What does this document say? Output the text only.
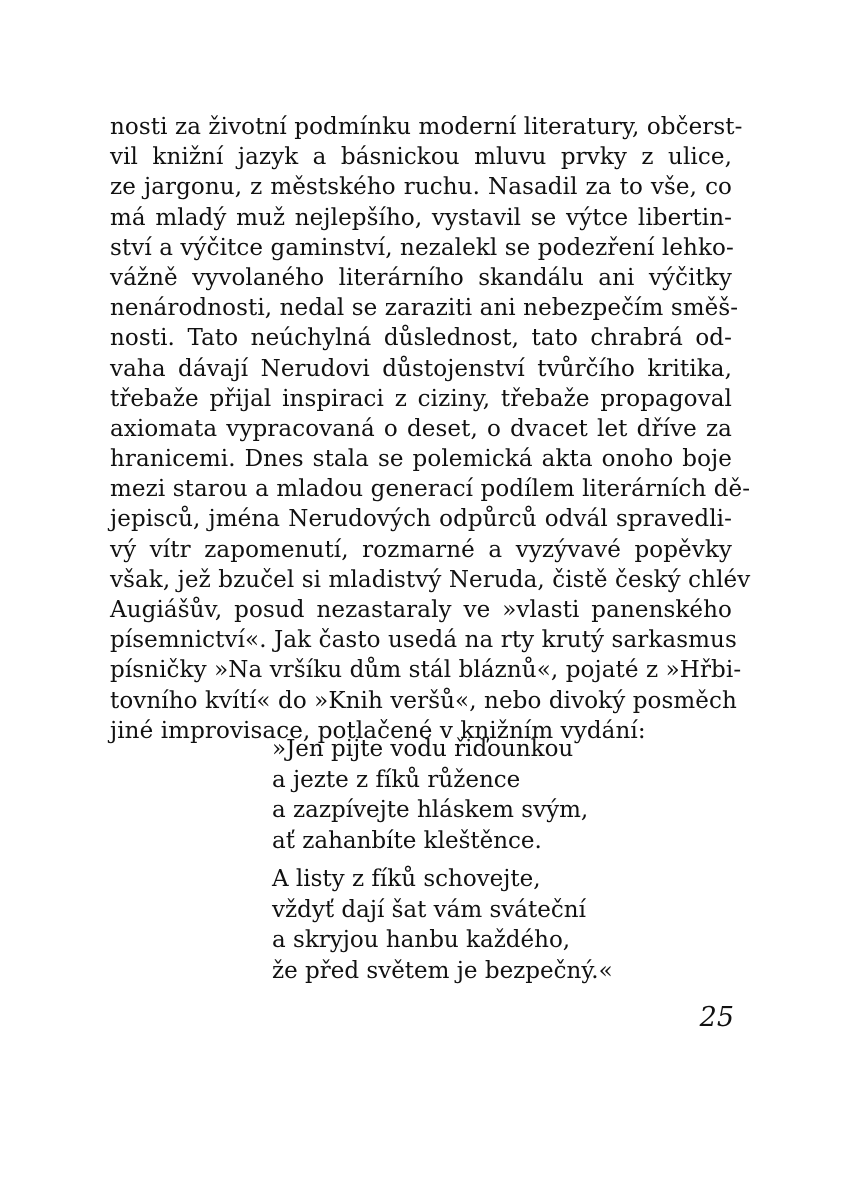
nosti za životní podmínku moderní literatury, občerst-
vil knižní jazyk a básnickou mluvu prvky z ulice,
ze jargonu, z městského ruchu. Nasadil za to vše, co
má mladý muž nejlepšího, vystavil se výtce libertin-
ství a výčitce gaminství, nezalekl se podezření lehko-
vážně vyvolaného literárního skandálu ani výčitky
nenárodnosti, nedal se zaraziti ani nebezpečím směš-
nosti. Tato neúchylná důslednost, tato chrabrá od-
vaha dávají Nerudovi důstojenství tvůrčího kritika,
třebaže přijal inspiraci z ciziny, třebaže propagoval
axiomata vypracovaná o deset, o dvacet let dříve za
hranicemi. Dnes stala se polemická akta onoho boje
mezi starou a mladou generací podílem literárních dě-
jepisců, jména Nerudových odpůrců odvál spravedli-
vý vítr zapomenutí, rozmarné a vyzývavé popěvky
však, jež bzučel si mladistvý Neruda, čistě český chlév
Augiášův, posud nezastaraly ve »vlasti panenského
písemnictví«. Jak často usedá na rty krutý sarkasmus
písničky »Na vršíku dům stál bláznů«, pojaté z »Hřbi-
tovního kvítí« do »Knih veršů«, nebo divoký posměch
jiné improvisace, potlačené v knižním vydání:
»Jen pijte vodu řiďounkou
a jezte z fíků růžence
a zazpívejte hláskem svým,
ať zahanbíte kleštěnce.
A listy z fíků schovejte,
vždyť dají šat vám sváteční
a skryjou hanbu každého,
že před světem je bezpečný.«
25
